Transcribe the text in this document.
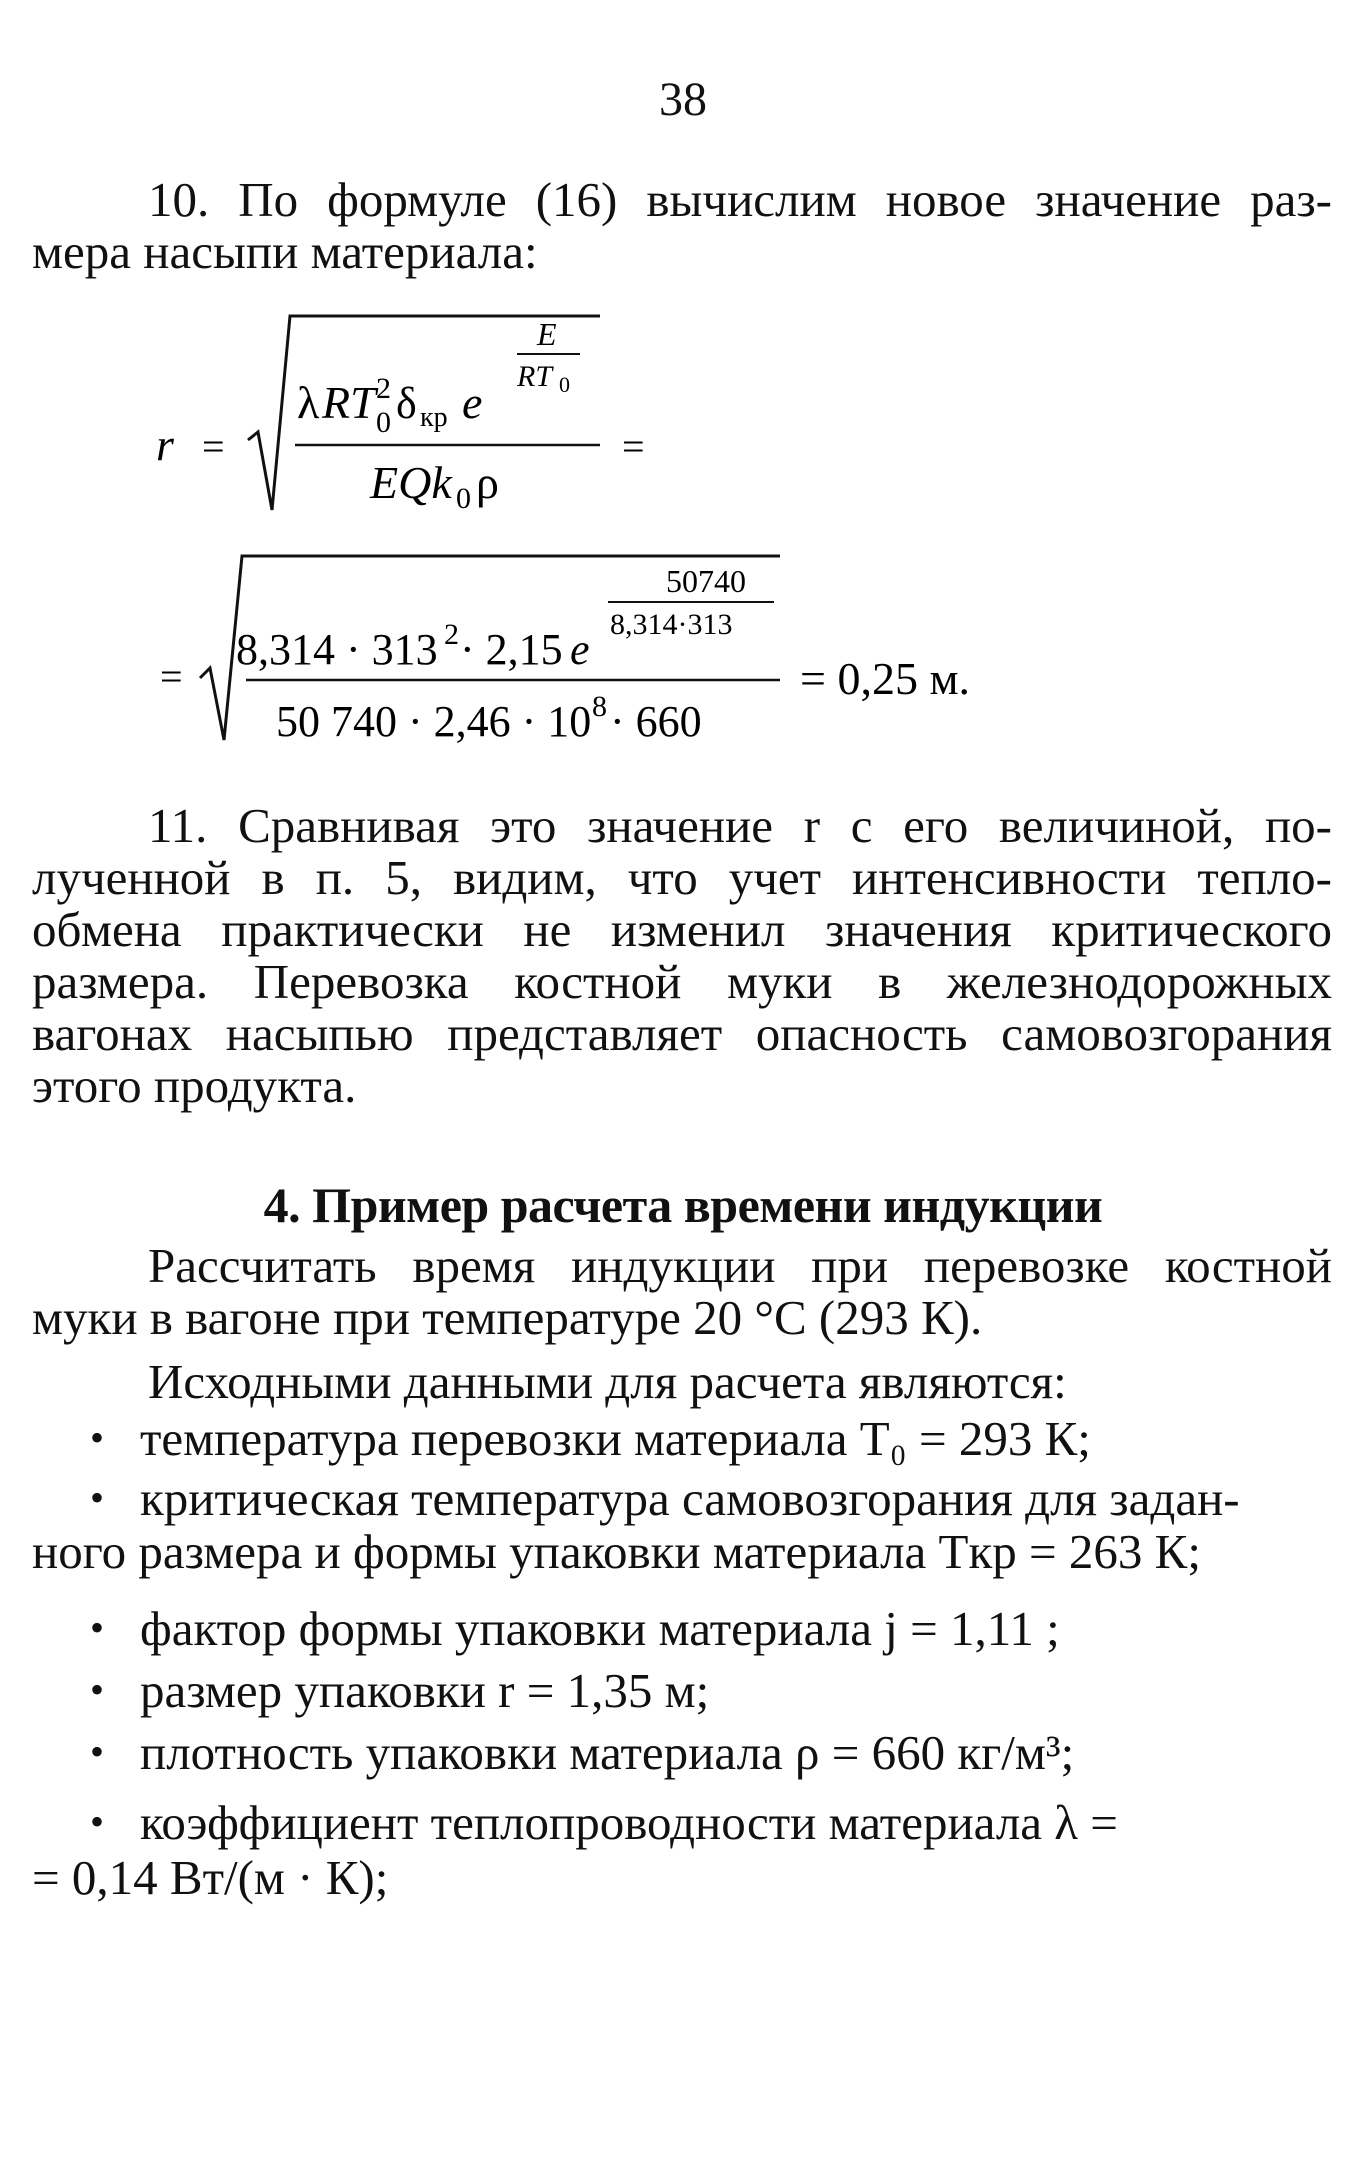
38
10. По формуле (16) вычислим новое значение раз-
мера насыпи материала:
r =
E
RT 0
λ RT 2
0 δ кр e
EQk 0 ρ
=
=
50740
8,314·313
8,314 · 313 2 · 2,15 e
50 740 · 2,46 · 10 8 · 660
= 0,25 м.
11. Сравнивая это значение r с его величиной, по-
лученной в п. 5, видим, что учет интенсивности тепло-
обмена практически не изменил значения критического
размера. Перевозка костной муки в железнодорожных
вагонах насыпью представляет опасность самовозгорания
этого продукта.
4. Пример расчета времени индукции
Рассчитать время индукции при перевозке костной
муки в вагоне при температуре 20 °С (293 К).
Исходными данными для расчета являются:
• температура перевозки материала T₀ = 293 К;
• критическая температура самовозгорания для задан-
ного размера и формы упаковки материала Tкр = 263 К;
• фактор формы упаковки материала j = 1,11 ;
• размер упаковки r = 1,35 м;
• плотность упаковки материала ρ = 660 кг/м³;
• коэффициент теплопроводности материала λ =
= 0,14 Вт/(м · К);
